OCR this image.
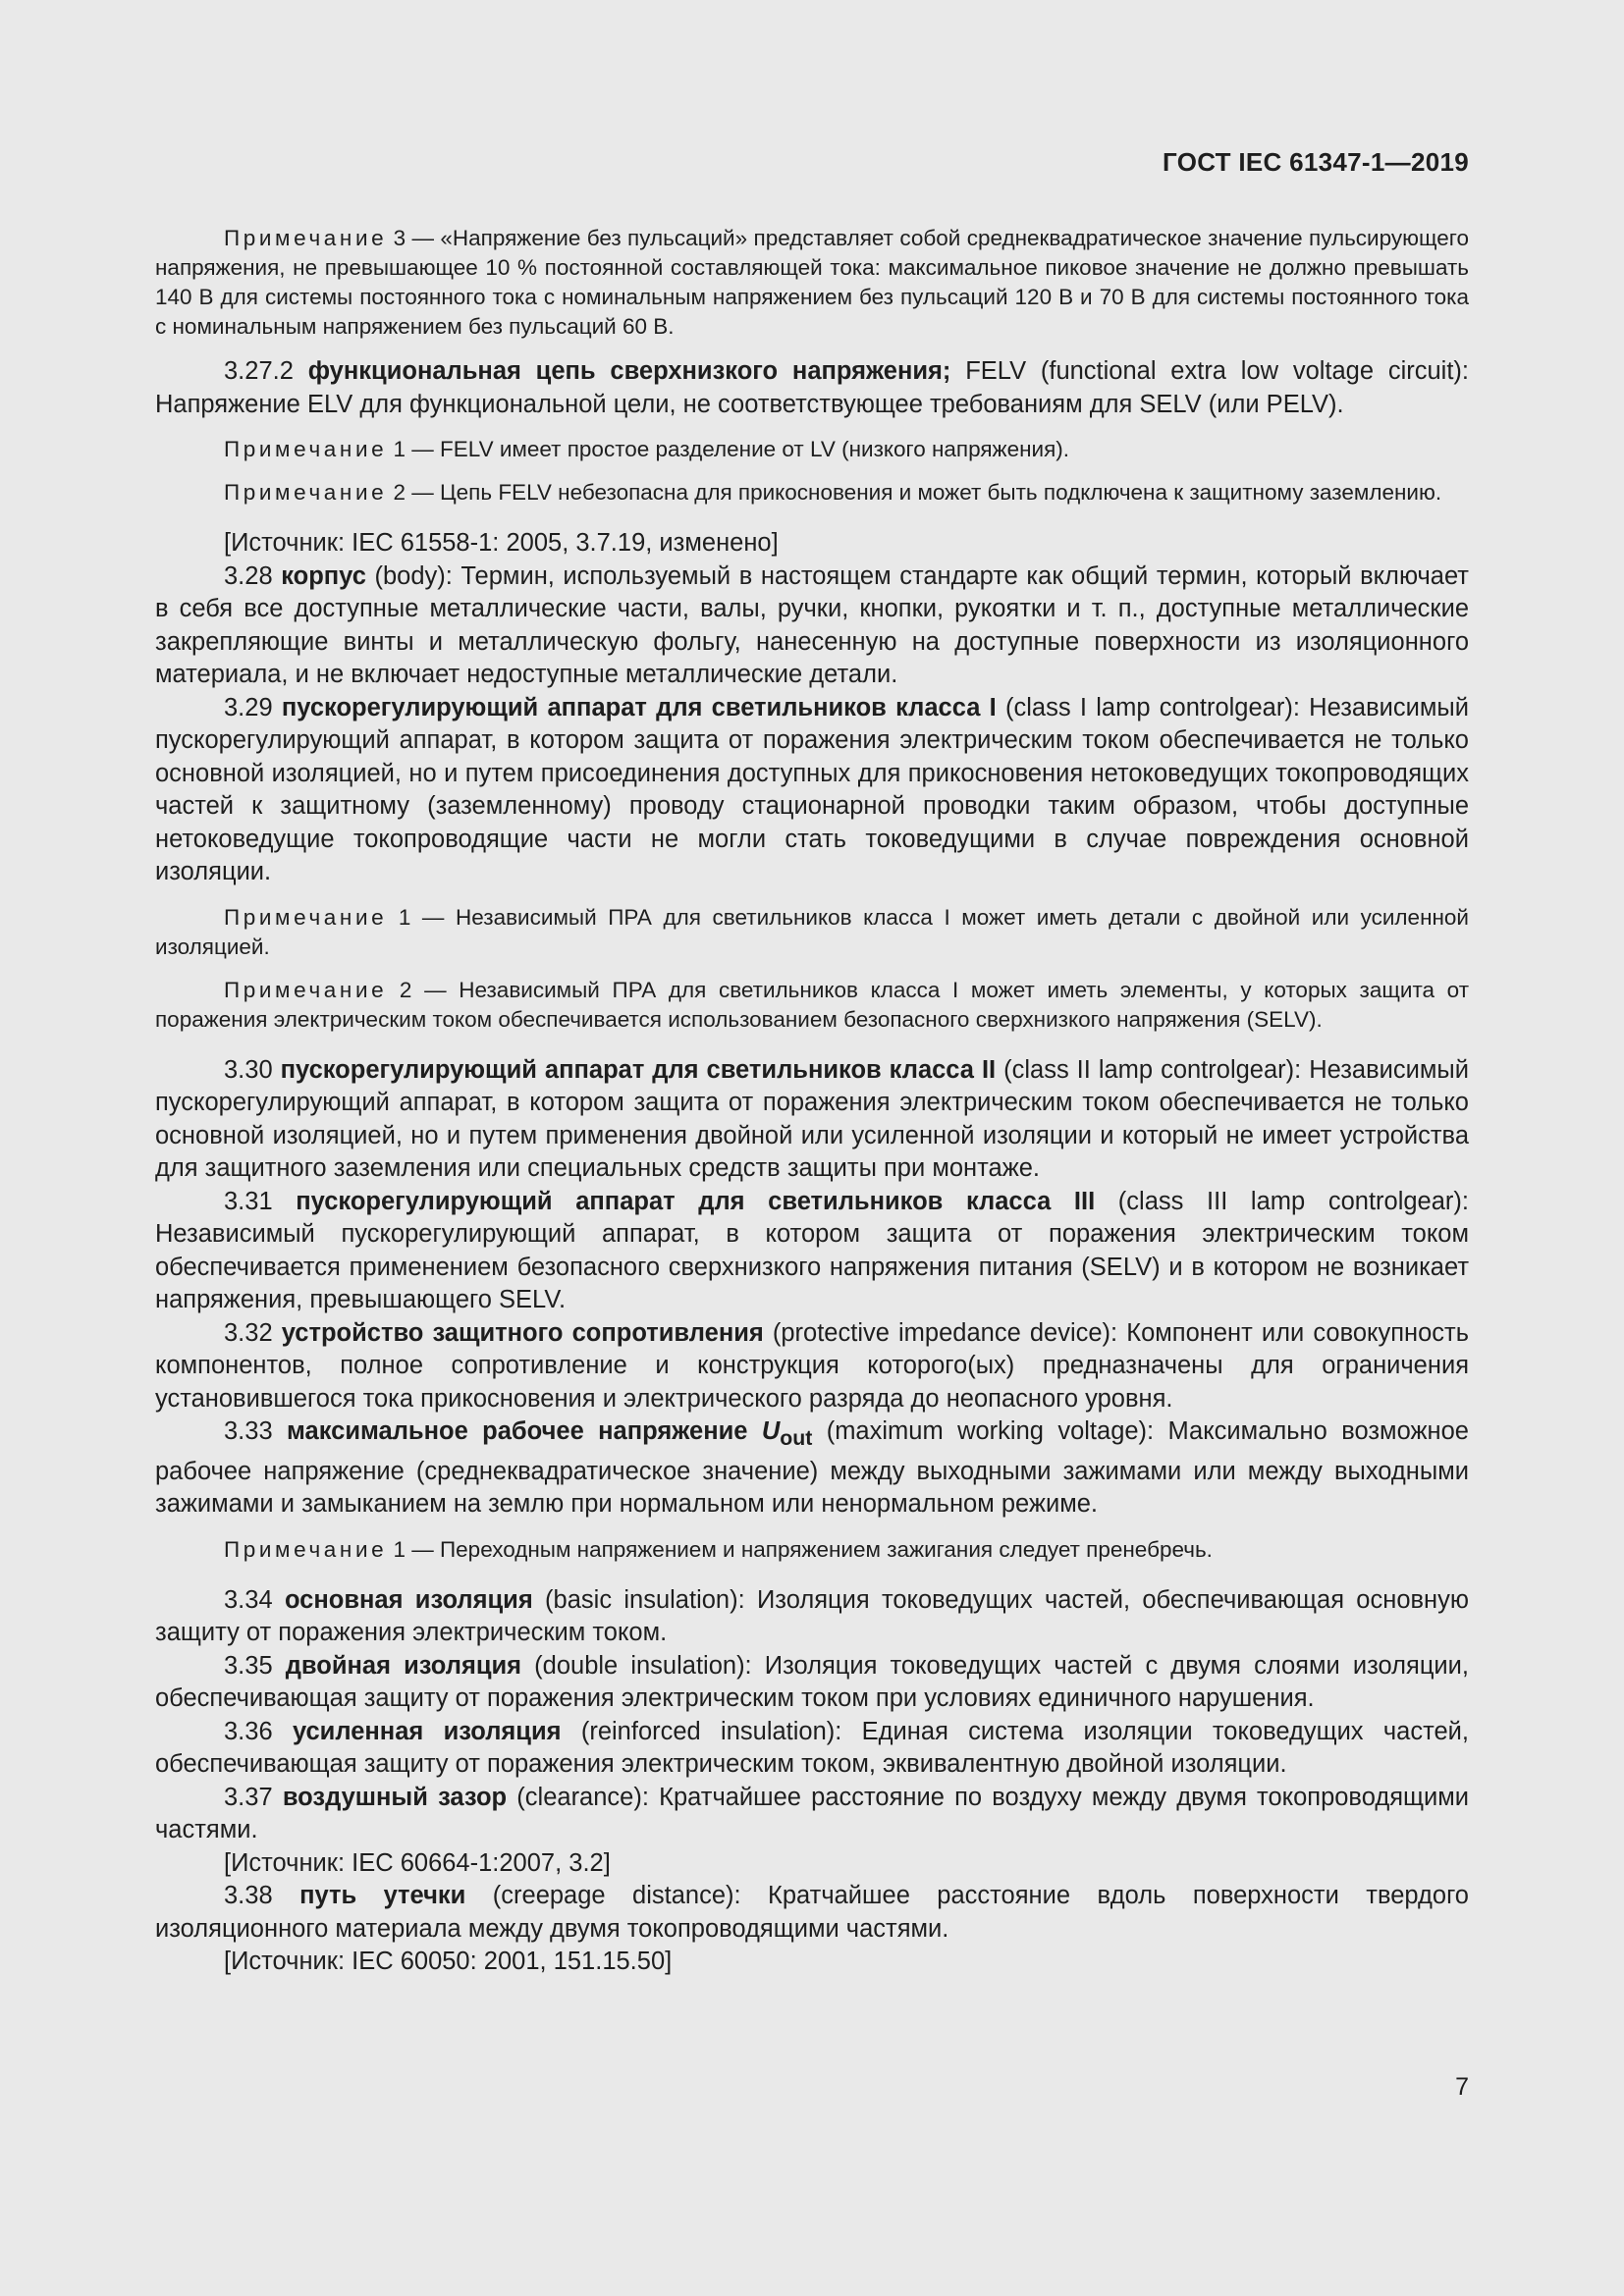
ГОСТ IEC 61347-1—2019

Примечание 3 — «Напряжение без пульсаций» представляет собой среднеквадратическое значение пульсирующего напряжения, не превышающее 10 % постоянной составляющей тока: максимальное пиковое значение не должно превышать 140 В для системы постоянного тока с номинальным напряжением без пульсаций 120 В и 70 В для системы постоянного тока с номинальным напряжением без пульсаций 60 В.

3.27.2 функциональная цепь сверхнизкого напряжения; FELV (functional extra low voltage circuit): Напряжение ELV для функциональной цели, не соответствующее требованиям для SELV (или PELV).

Примечание 1 — FELV имеет простое разделение от LV (низкого напряжения).

Примечание 2 — Цепь FELV небезопасна для прикосновения и может быть подключена к защитному заземлению.

[Источник: IEC 61558-1: 2005, 3.7.19, изменено]

3.28 корпус (body): Термин, используемый в настоящем стандарте как общий термин, который включает в себя все доступные металлические части, валы, ручки, кнопки, рукоятки и т. п., доступные металлические закрепляющие винты и металлическую фольгу, нанесенную на доступные поверхности из изоляционного материала, и не включает недоступные металлические детали.

3.29 пускорегулирующий аппарат для светильников класса I (class I lamp controlgear): Независимый пускорегулирующий аппарат, в котором защита от поражения электрическим током обеспечивается не только основной изоляцией, но и путем присоединения доступных для прикосновения нетоковедущих токопроводящих частей к защитному (заземленному) проводу стационарной проводки таким образом, чтобы доступные нетоковедущие токопроводящие части не могли стать токоведущими в случае повреждения основной изоляции.

Примечание 1 — Независимый ПРА для светильников класса I может иметь детали с двойной или усиленной изоляцией.

Примечание 2 — Независимый ПРА для светильников класса I может иметь элементы, у которых защита от поражения электрическим током обеспечивается использованием безопасного сверхнизкого напряжения (SELV).

3.30 пускорегулирующий аппарат для светильников класса II (class II lamp controlgear): Независимый пускорегулирующий аппарат, в котором защита от поражения электрическим током обеспечивается не только основной изоляцией, но и путем применения двойной или усиленной изоляции и который не имеет устройства для защитного заземления или специальных средств защиты при монтаже.

3.31 пускорегулирующий аппарат для светильников класса III (class III lamp controlgear): Независимый пускорегулирующий аппарат, в котором защита от поражения электрическим током обеспечивается применением безопасного сверхнизкого напряжения питания (SELV) и в котором не возникает напряжения, превышающего SELV.

3.32 устройство защитного сопротивления (protective impedance device): Компонент или совокупность компонентов, полное сопротивление и конструкция которого(ых) предназначены для ограничения установившегося тока прикосновения и электрического разряда до неопасного уровня.

3.33 максимальное рабочее напряжение $U_{out}$ (maximum working voltage): Максимально возможное рабочее напряжение (среднеквадратическое значение) между выходными зажимами или между выходными зажимами и замыканием на землю при нормальном или ненормальном режиме.

Примечание 1 — Переходным напряжением и напряжением зажигания следует пренебречь.

3.34 основная изоляция (basic insulation): Изоляция токоведущих частей, обеспечивающая основную защиту от поражения электрическим током.

3.35 двойная изоляция (double insulation): Изоляция токоведущих частей с двумя слоями изоляции, обеспечивающая защиту от поражения электрическим током при условиях единичного нарушения.

3.36 усиленная изоляция (reinforced insulation): Единая система изоляции токоведущих частей, обеспечивающая защиту от поражения электрическим током, эквивалентную двойной изоляции.

3.37 воздушный зазор (clearance): Кратчайшее расстояние по воздуху между двумя токопроводящими частями.

[Источник: IEC 60664-1:2007, 3.2]

3.38 путь утечки (creepage distance): Кратчайшее расстояние вдоль поверхности твердого изоляционного материала между двумя токопроводящими частями.

[Источник: IEC 60050: 2001, 151.15.50]

7
